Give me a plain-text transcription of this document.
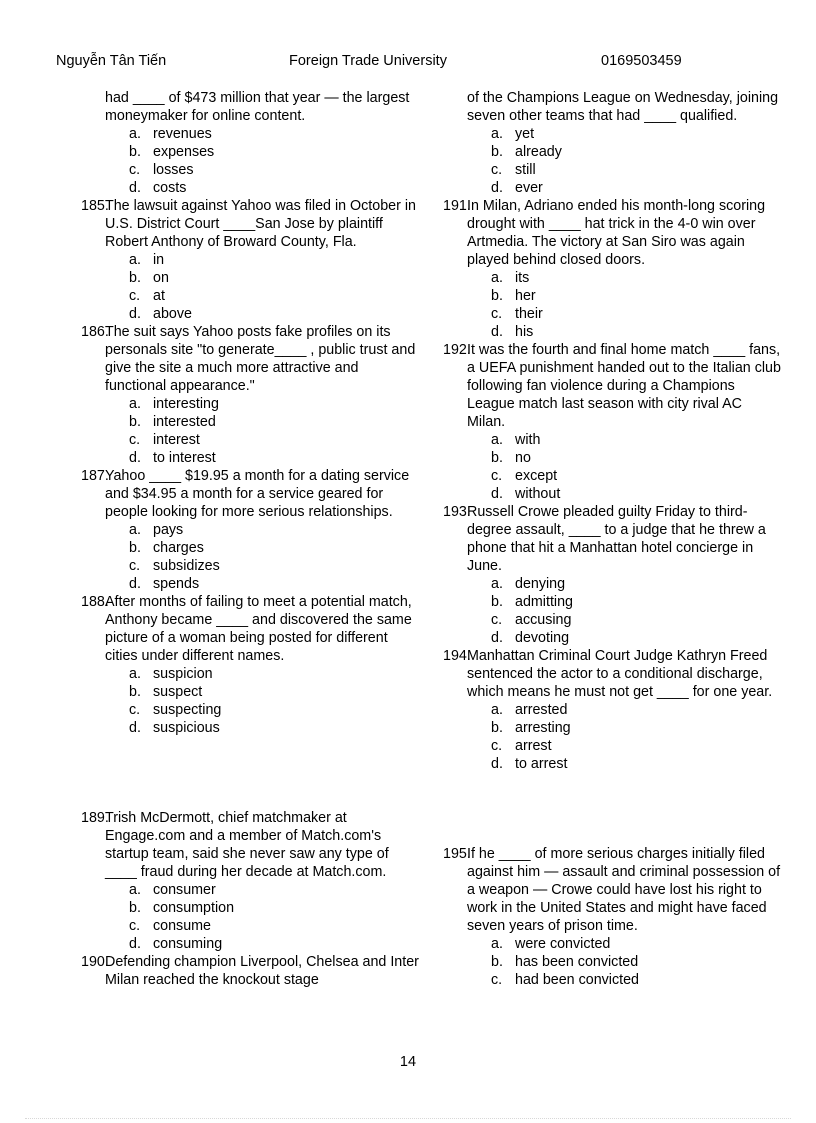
Nguyễn Tân Tiến	Foreign Trade University	0169503459
had ____ of $473 million that year — the largest moneymaker for online content.
a. revenues
b. expenses
c. losses
d. costs
185.
The lawsuit against Yahoo was filed in October in U.S. District Court ____San Jose by plaintiff Robert Anthony of Broward County, Fla.
a. in
b. on
c. at
d. above
186.
The suit says Yahoo posts fake profiles on its personals site "to generate____ , public trust and give the site a much more attractive and functional appearance."
a. interesting
b. interested
c. interest
d. to interest
187.
Yahoo ____ $19.95 a month for a dating service and $34.95 a month for a service geared for people looking for more serious relationships.
a. pays
b. charges
c. subsidizes
d. spends
188.
After months of failing to meet a potential match, Anthony became ____ and discovered the same picture of a woman being posted for different cities under different names.
a. suspicion
b. suspect
c. suspecting
d. suspicious
189.
Trish McDermott, chief matchmaker at Engage.com and a member of Match.com's startup team, said she never saw any type of ____ fraud during her decade at Match.com.
a. consumer
b. consumption
c. consume
d. consuming
190.
Defending champion Liverpool, Chelsea and Inter Milan reached the knockout stage
of the Champions League on Wednesday, joining seven other teams that had ____ qualified.
a. yet
b. already
c. still
d. ever
191.
In Milan, Adriano ended his month-long scoring drought with ____ hat trick in the 4-0 win over Artmedia. The victory at San Siro was again played behind closed doors.
a. its
b. her
c. their
d. his
192.
It was the fourth and final home match ____ fans, a UEFA punishment handed out to the Italian club following fan violence during a Champions League match last season with city rival AC Milan.
a. with
b. no
c. except
d. without
193.
Russell Crowe pleaded guilty Friday to third-degree assault, ____ to a judge that he threw a phone that hit a Manhattan hotel concierge in June.
a. denying
b. admitting
c. accusing
d. devoting
194.
Manhattan Criminal Court Judge Kathryn Freed sentenced the actor to a conditional discharge, which means he must not get ____ for one year.
a. arrested
b. arresting
c. arrest
d. to arrest
195.
If he ____ of more serious charges initially filed against him — assault and criminal possession of a weapon — Crowe could have lost his right to work in the United States and might have faced seven years of prison time.
a. were convicted
b. has been convicted
c. had been convicted
14
